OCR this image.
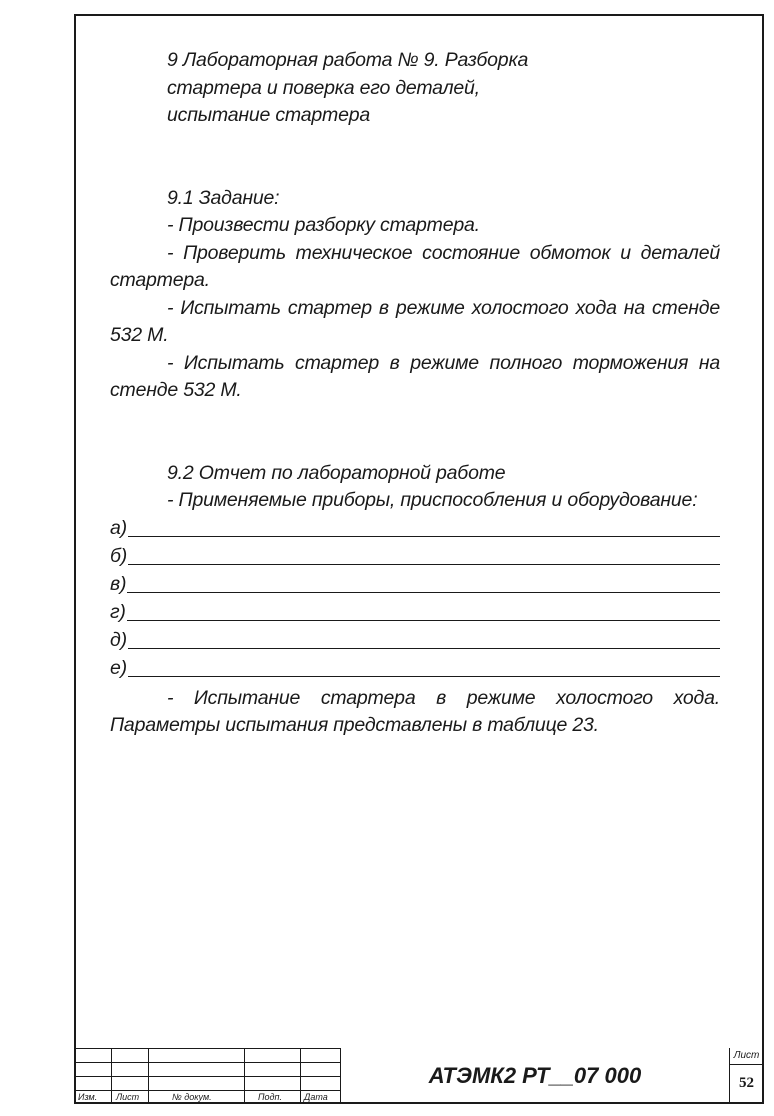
9 Лабораторная работа № 9. Разборка
стартера и поверка его деталей,
испытание стартера
9.1 Задание:
- Произвести разборку стартера.
- Проверить техническое состояние обмоток и деталей стартера.
- Испытать стартер в режиме холостого хода на стенде 532 М.
- Испытать стартер в режиме полного торможения на стенде 532 М.
9.2 Отчет по лабораторной работе
- Применяемые приборы, приспособления и оборудование:
а)
б)
в)
г)
д)
е)
- Испытание стартера в режиме холостого хода. Параметры испытания представлены в таблице 23.
Изм. Лист	№ докум.	Подп. Дата
АТЭМК2 РТ__07 000
Лист
52
